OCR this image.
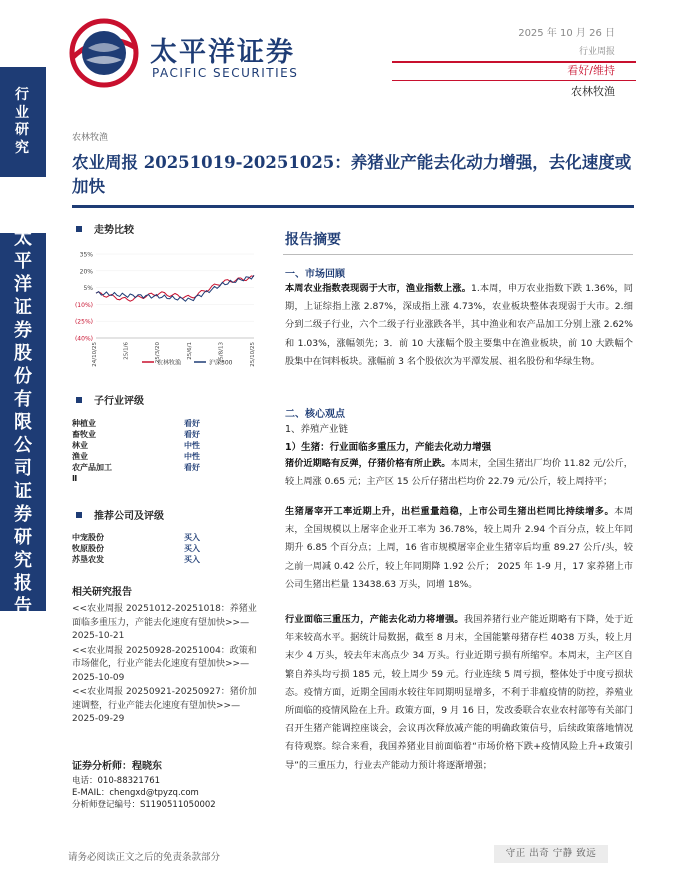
太平洋证券
PACIFIC SECURITIES
2025 年 10 月 26 日
行业周报
看好/维持
农林牧渔
行业研究
太平洋证券股份有限公司证券研究报告
农林牧渔
农业周报 20251019-20251025：养猪业产能去化动力增强，去化速度或加快
走势比较
35%
20%
5%
(10%)
(25%)
(40%)
24/10/25	25/1/6	25/3/20	25/6/1	25/8/13	25/10/25
农林牧渔	沪深300
子行业评级
种植业	看好
畜牧业	看好
林业	中性
渔业	中性
农产品加工	看好
Ⅱ
推荐公司及评级
中宠股份	买入
牧原股份	买入
苏垦农发	买入
相关研究报告
<<农业周报 20251012-20251018：养猪业面临多重压力，产能去化速度有望加快>>—2025-10-21
<<农业周报 20250928-20251004：政策和市场催化，行业产能去化速度有望加快>>—2025-10-09
<<农业周报 20250921-20250927：猪价加速调整，行业产能去化速度有望加快>>—2025-09-29
证券分析师：程晓东
电话：010-88321761
E-MAIL：chengxd@tpyzq.com
分析师登记编号：S1190511050002
报告摘要
一、市场回顾
本周农业指数表现弱于大市，渔业指数上涨。1.本周，申万农业指数下跌 1.36%，同期，上证综指上涨 2.87%，深成指上涨 4.73%，农业板块整体表现弱于大市。2.细分到二级子行业，六个二级子行业涨跌各半，其中渔业和农产品加工分别上涨 2.62%和 1.03%，涨幅领先；3．前 10 大涨幅个股主要集中在渔业板块，前 10 大跌幅个股集中在饲料板块。涨幅前 3 名个股依次为平潭发展、祖名股份和华绿生物。
二、核心观点
1、养殖产业链
1）生猪：行业面临多重压力，产能去化动力增强
猪价近期略有反弹，仔猪价格有所止跌。本周末，全国生猪出厂均价 11.82 元/公斤，较上周涨 0.65 元；主产区 15 公斤仔猪出栏均价 22.79 元/公斤，较上周持平；
生猪屠宰开工率近期上升，出栏重量趋稳，上市公司生猪出栏同比持续增多。本周末，全国规模以上屠宰企业开工率为 36.78%，较上周升 2.94 个百分点，较上年同期升 6.85 个百分点；上周，16 省市规模屠宰企业生猪宰后均重 89.27 公斤/头，较之前一周减 0.42 公斤，较上年同期降 1.92 公斤； 2025 年 1-9 月，17 家养猪上市公司生猪出栏量 13438.63 万头，同增 18%。
行业面临三重压力，产能去化动力将增强。我国养猪行业产能近期略有下降，处于近年来较高水平。据统计局数据，截至 8 月末，全国能繁母猪存栏 4038 万头，较上月末少 4 万头，较去年末高点少 34 万头。行业近期亏损有所缩窄。本周末，主产区自繁自养头均亏损 185 元，较上周少 59 元。行业连续 5 周亏损，整体处于中度亏损状态。疫情方面，近期全国雨水较往年同期明显增多，不利于非瘟疫情的防控，养殖业所面临的疫情风险在上升。政策方面，9 月 16 日，发改委联合农业农村部等有关部门召开生猪产能调控座谈会，会议再次释放减产能的明确政策信号，后续政策落地情况有待观察。综合来看，我国养猪业目前面临着“市场价格下跌+疫情风险上升+政策引导”的三重压力，行业去产能动力预计将逐渐增强；
请务必阅读正文之后的免责条款部分	守正 出奇 宁静 致远
